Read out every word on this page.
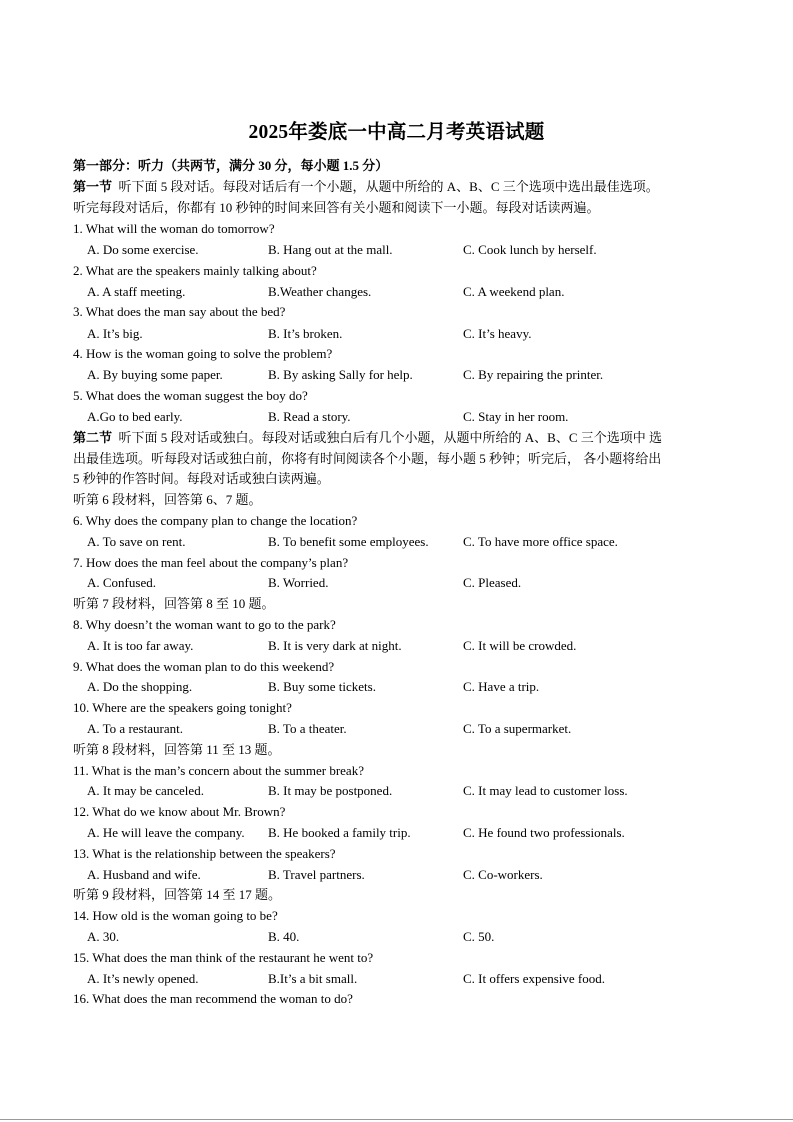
2025年娄底一中高二月考英语试题
第一部分：听力（共两节，满分 30 分，每小题 1.5 分）
第一节 听下面 5 段对话。每段对话后有一个小题，从题中所给的 A、B、C 三个选项中选出最佳选项。
听完每段对话后，你都有 10 秒钟的时间来回答有关小题和阅读下一小题。每段对话读两遍。
1. What will the woman do tomorrow?
A. Do some exercise.	B. Hang out at the mall.	C. Cook lunch by herself.
2. What are the speakers mainly talking about?
A. A staff meeting.	B.Weather changes.	C. A weekend plan.
3. What does the man say about the bed?
A. It’s big.	B. It’s broken.	C. It’s heavy.
4. How is the woman going to solve the problem?
A. By buying some paper.	B. By asking Sally for help.	C. By repairing the printer.
5. What does the woman suggest the boy do?
A.Go to bed early.	B. Read a story.	C. Stay in her room.
第二节 听下面 5 段对话或独白。每段对话或独白后有几个小题，从题中所给的 A、B、C 三个选项中 选
出最佳选项。听每段对话或独白前，你将有时间阅读各个小题，每小题 5 秒钟；听完后， 各小题将给出
5 秒钟的作答时间。每段对话或独白读两遍。
听第 6 段材料，回答第 6、7 题。
6. Why does the company plan to change the location?
A. To save on rent.	B. To benefit some employees.	C. To have more office space.
7. How does the man feel about the company’s plan?
A. Confused.	B. Worried.	C. Pleased.
听第 7 段材料，回答第 8 至 10 题。
8. Why doesn’t the woman want to go to the park?
A. It is too far away.	B. It is very dark at night.	C. It will be crowded.
9. What does the woman plan to do this weekend?
A. Do the shopping.	B. Buy some tickets.	C. Have a trip.
10. Where are the speakers going tonight?
A. To a restaurant.	B. To a theater.	C. To a supermarket.
听第 8 段材料，回答第 11 至 13 题。
11. What is the man’s concern about the summer break?
A. It may be canceled.	B. It may be postponed.	C. It may lead to customer loss.
12. What do we know about Mr. Brown?
A. He will leave the company. B. He booked a family trip.	C. He found two professionals.
13. What is the relationship between the speakers?
A. Husband and wife.	B. Travel partners.	C. Co-workers.
听第 9 段材料，回答第 14 至 17 题。
14. How old is the woman going to be?
A. 30.	B. 40.	C. 50.
15. What does the man think of the restaurant he went to?
A. It’s newly opened.	B.It’s a bit small.	C. It offers expensive food.
16. What does the man recommend the woman to do?
